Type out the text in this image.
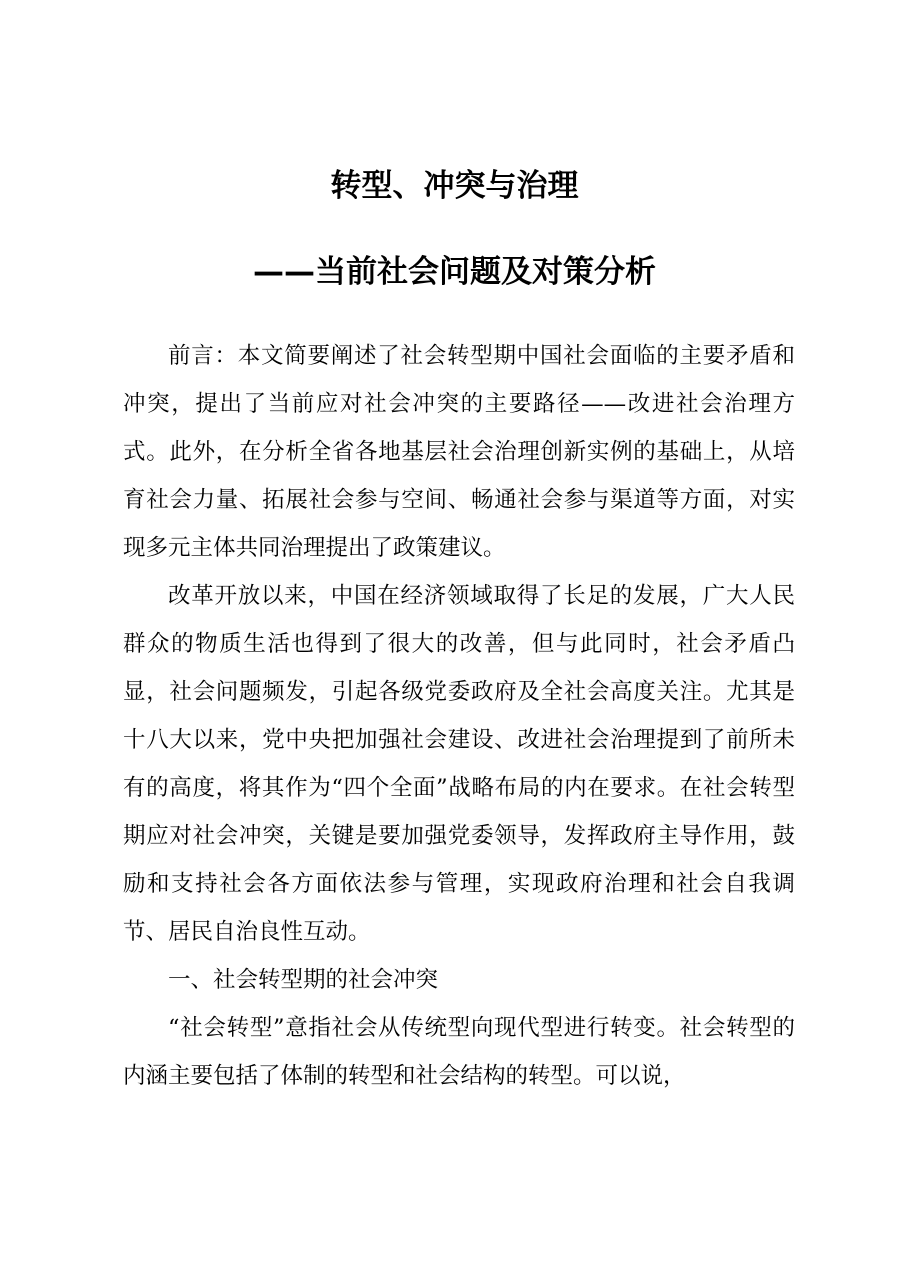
转型、冲突与治理
——当前社会问题及对策分析

前言：本文简要阐述了社会转型期中国社会面临的主要矛盾和冲突，提出了当前应对社会冲突的主要路径——改进社会治理方式。此外，在分析全省各地基层社会治理创新实例的基础上，从培育社会力量、拓展社会参与空间、畅通社会参与渠道等方面，对实现多元主体共同治理提出了政策建议。

改革开放以来，中国在经济领域取得了长足的发展，广大人民群众的物质生活也得到了很大的改善，但与此同时，社会矛盾凸显，社会问题频发，引起各级党委政府及全社会高度关注。尤其是十八大以来，党中央把加强社会建设、改进社会治理提到了前所未有的高度，将其作为“四个全面”战略布局的内在要求。在社会转型期应对社会冲突，关键是要加强党委领导，发挥政府主导作用，鼓励和支持社会各方面依法参与管理，实现政府治理和社会自我调节、居民自治良性互动。

一、社会转型期的社会冲突

“社会转型”意指社会从传统型向现代型进行转变。社会转型的内涵主要包括了体制的转型和社会结构的转型。可以说，
